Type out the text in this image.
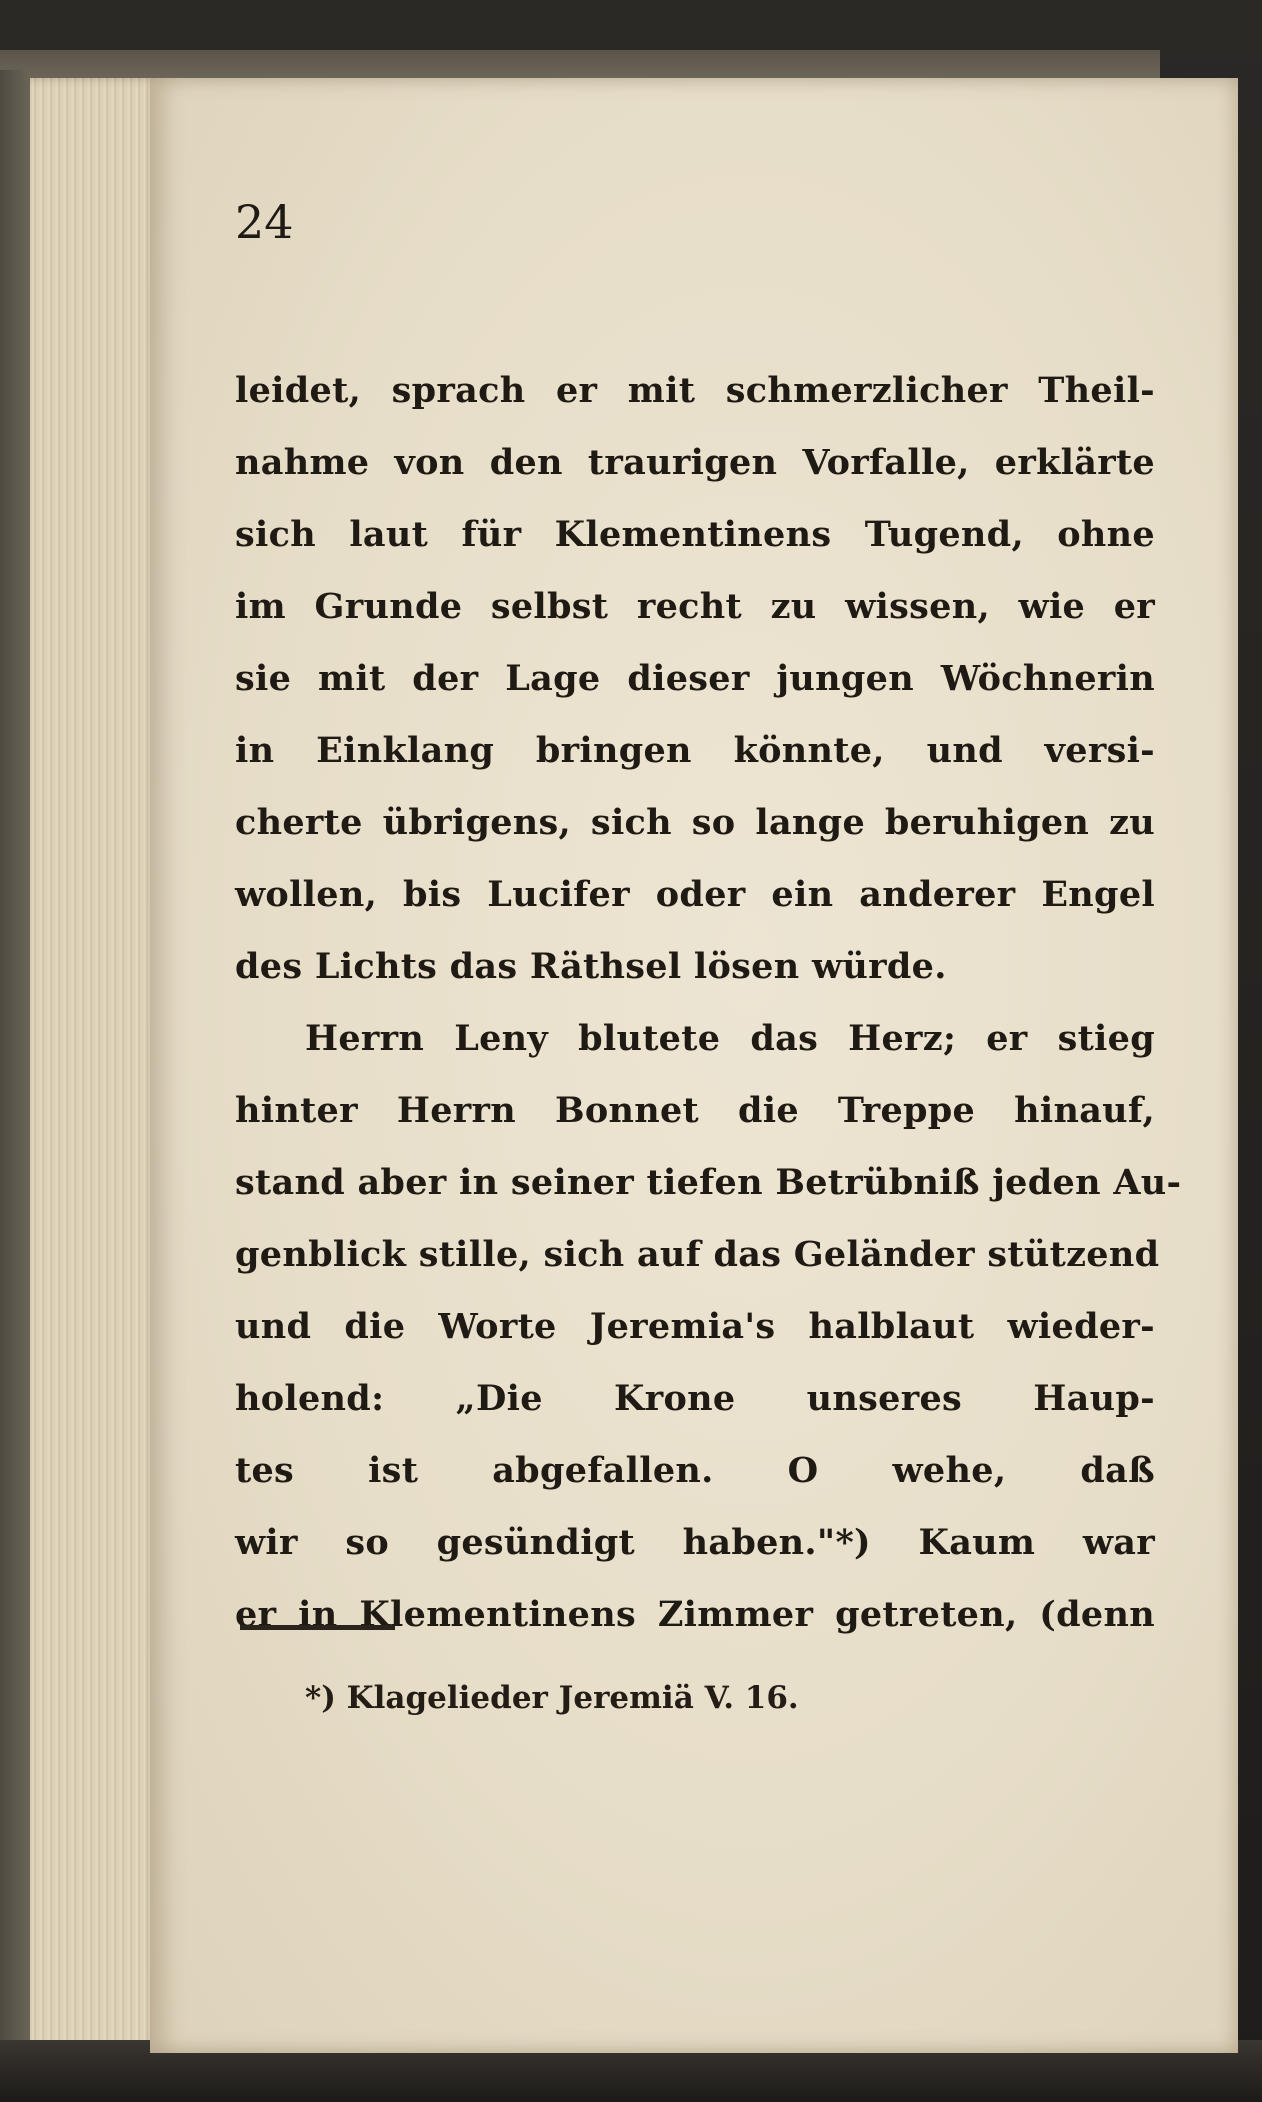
24

leidet, sprach er mit schmerzlicher Theil-
nahme von den traurigen Vorfalle, erklärte
sich laut für Klementinens Tugend, ohne
im Grunde selbst recht zu wissen, wie er
sie mit der Lage dieser jungen Wöchnerin
in Einklang bringen könnte, und versi-
cherte übrigens, sich so lange beruhigen zu
wollen, bis Lucifer oder ein anderer Engel
des Lichts das Räthsel lösen würde.
Herrn Leny blutete das Herz; er stieg
hinter Herrn Bonnet die Treppe hinauf,
stand aber in seiner tiefen Betrübniß jeden Au-
genblick stille, sich auf das Geländer stützend
und die Worte Jeremia's halblaut wieder-
holend: „Die Krone unseres Haup-
tes ist abgefallen. O wehe, daß
wir so gesündigt haben."*) Kaum war
er in Klementinens Zimmer getreten, (denn

*) Klagelieder Jeremiä V. 16.
